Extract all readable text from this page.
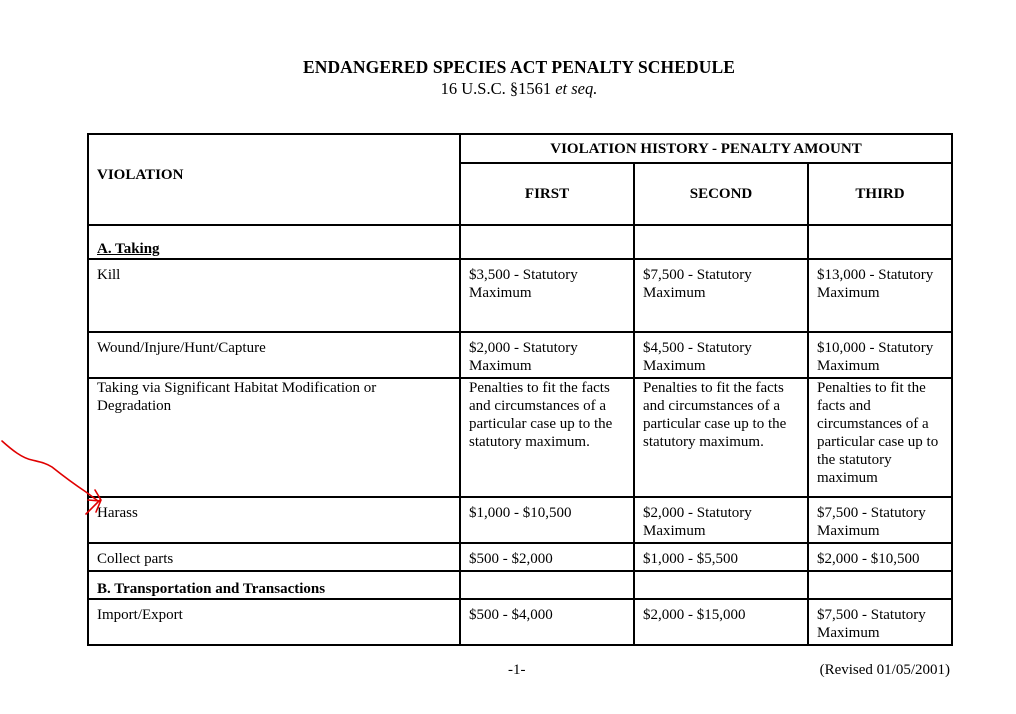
ENDANGERED SPECIES ACT PENALTY SCHEDULE
16 U.S.C. §1561 et seq.
VIOLATION	VIOLATION HISTORY - PENALTY AMOUNT		
	FIRST	SECOND	THIRD
A. Taking			
Kill	$3,500 - Statutory Maximum	$7,500 - Statutory Maximum	$13,000 - Statutory Maximum
Wound/Injure/Hunt/Capture	$2,000 - Statutory Maximum	$4,500 - Statutory Maximum	$10,000 - Statutory Maximum
Taking via Significant Habitat Modification or Degradation	Penalties to fit the facts and circumstances of a particular case up to the statutory maximum.	Penalties to fit the facts and circumstances of a particular case up to the statutory maximum.	Penalties to fit the facts and circumstances of a particular case up to the statutory maximum
Harass	$1,000 - $10,500	$2,000 - Statutory Maximum	$7,500 - Statutory Maximum
Collect parts	$500 - $2,000	$1,000 - $5,500	$2,000 - $10,500
B. Transportation and Transactions			
Import/Export	$500 - $4,000	$2,000 - $15,000	$7,500 - Statutory Maximum
-1-	(Revised 01/05/2001)
